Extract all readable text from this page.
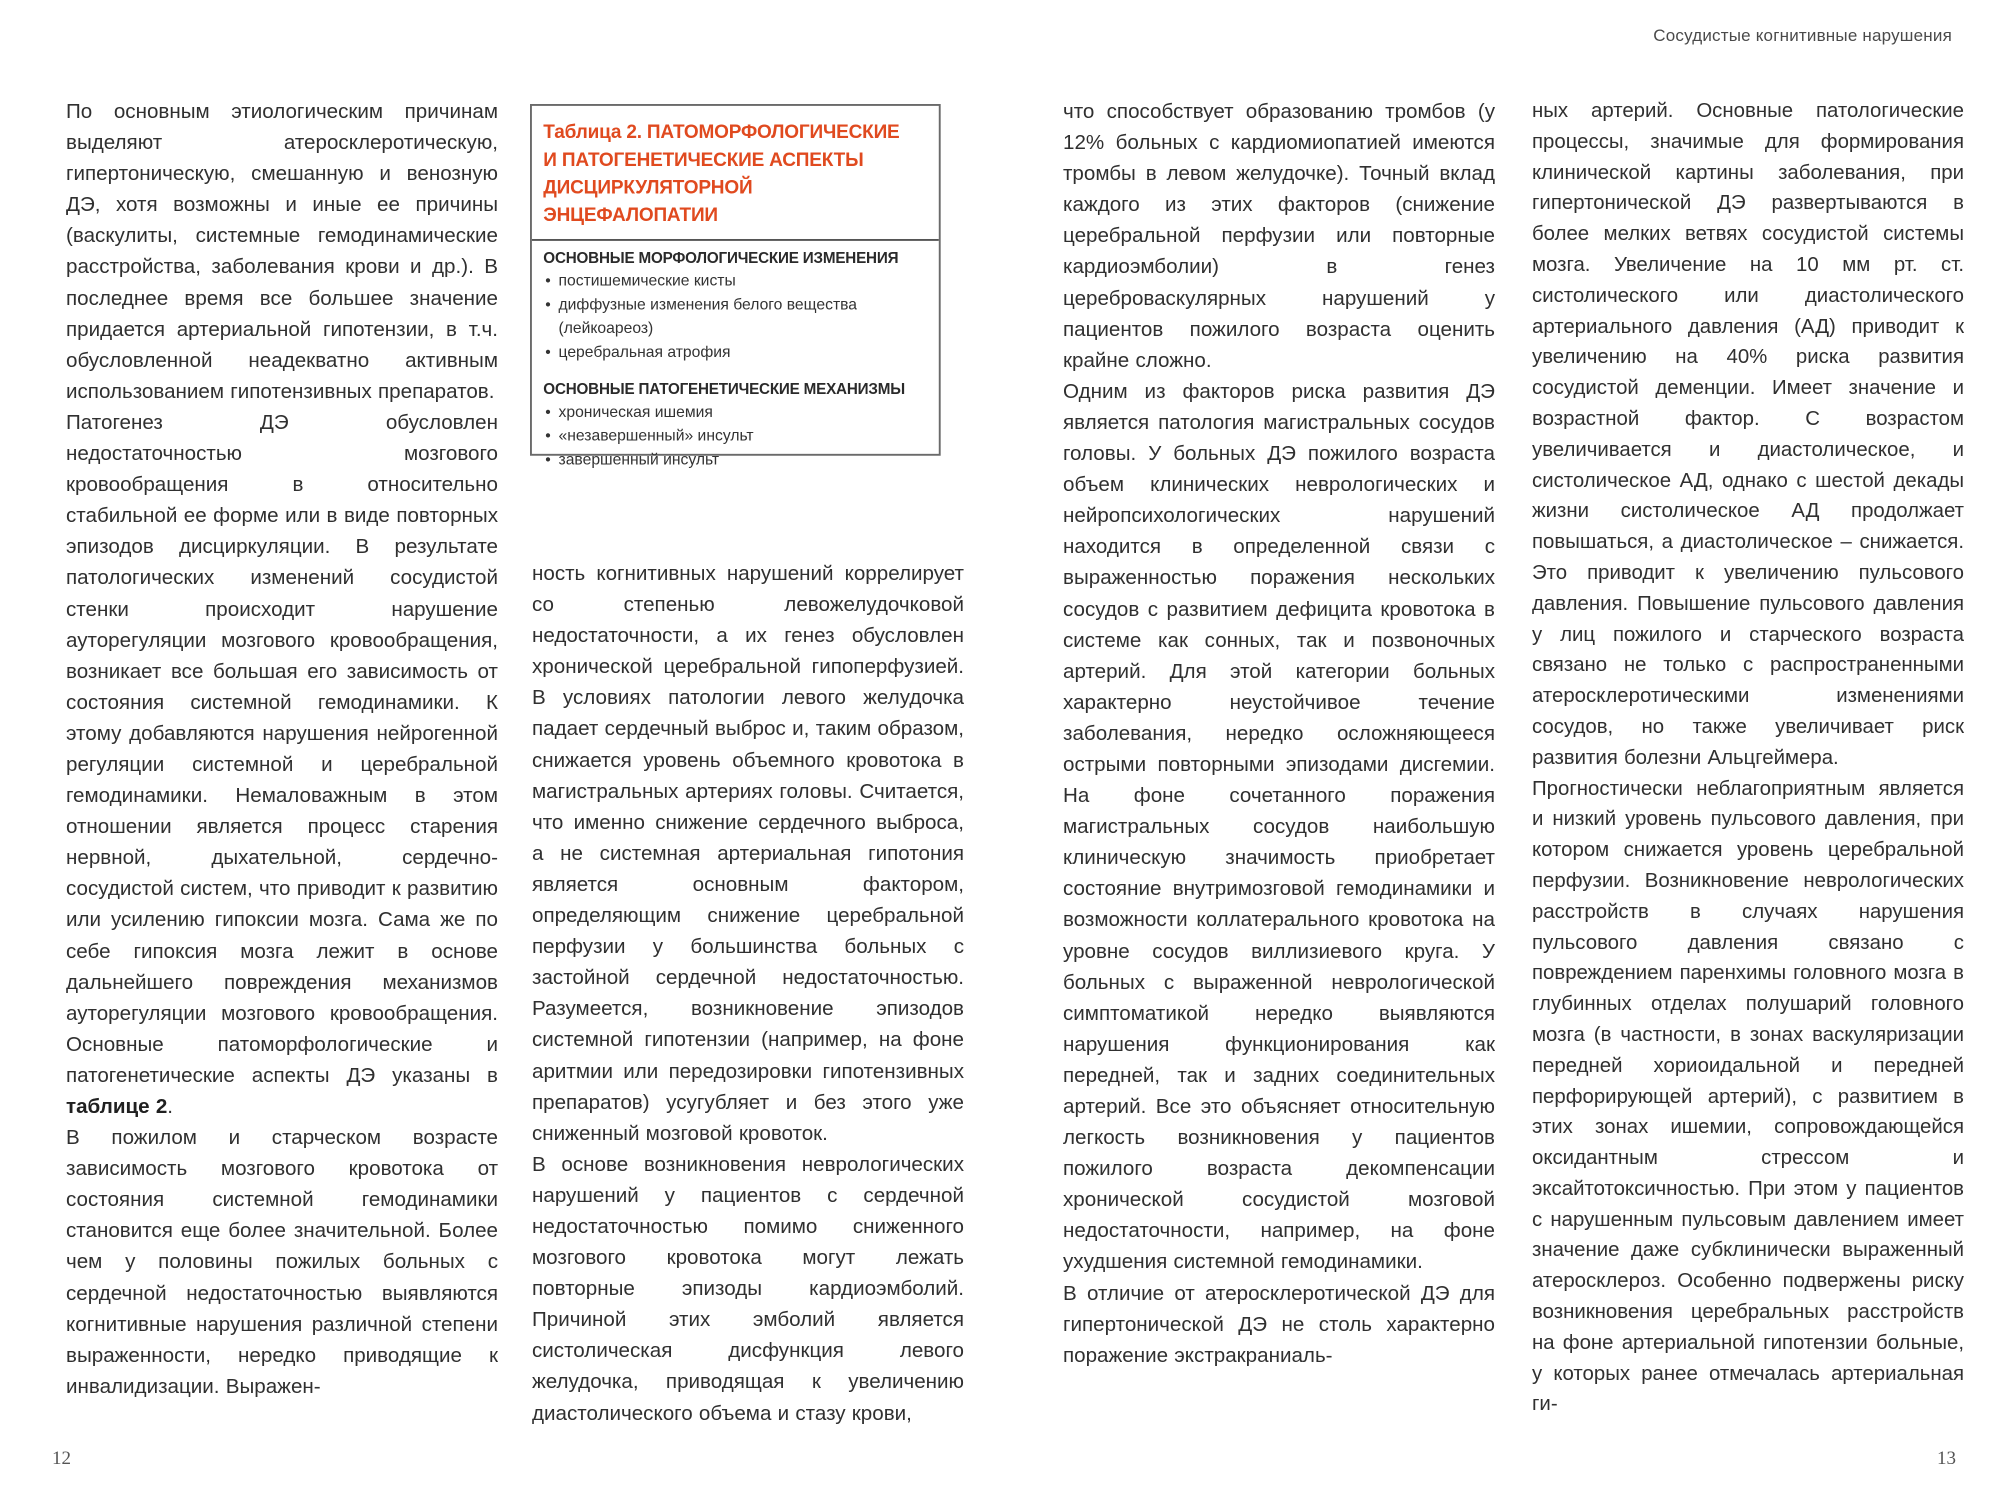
Сосудистые когнитивные нарушения

По основным этиологическим причинам выделяют атеросклеротическую, гипертоническую, смешанную и венозную ДЭ, хотя возможны и иные ее причины (васкулиты, системные гемодинамические расстройства, заболевания крови и др.). В последнее время все большее значение придается артериальной гипотензии, в т.ч. обусловленной неадекватно активным использованием гипотензивных препаратов.

Патогенез ДЭ обусловлен недостаточностью мозгового кровообращения в относительно стабильной ее форме или в виде повторных эпизодов дисциркуляции. В результате патологических изменений сосудистой стенки происходит нарушение ауторегуляции мозгового кровообращения, возникает все большая его зависимость от состояния системной гемодинамики. К этому добавляются нарушения нейрогенной регуляции системной и церебральной гемодинамики. Немаловажным в этом отношении является процесс старения нервной, дыхательной, сердечно-сосудистой систем, что приводит к развитию или усилению гипоксии мозга. Сама же по себе гипоксия мозга лежит в основе дальнейшего повреждения механизмов ауторегуляции мозгового кровообращения. Основные патоморфологические и патогенетические аспекты ДЭ указаны в таблице 2.

В пожилом и старческом возрасте зависимость мозгового кровотока от состояния системной гемодинамики становится еще более значительной. Более чем у половины пожилых больных с сердечной недостаточностью выявляются когнитивные нарушения различной степени выраженности, нередко приводящие к инвалидизации. Выражен-

Таблица 2. ПАТОМОРФОЛОГИЧЕСКИЕ
И ПАТОГЕНЕТИЧЕСКИЕ АСПЕКТЫ
ДИСЦИРКУЛЯТОРНОЙ ЭНЦЕФАЛОПАТИИ
ОСНОВНЫЕ МОРФОЛОГИЧЕСКИЕ ИЗМЕНЕНИЯ
• постишемические кисты
• диффузные изменения белого вещества (лейкоареоз)
• церебральная атрофия
ОСНОВНЫЕ ПАТОГЕНЕТИЧЕСКИЕ МЕХАНИЗМЫ
• хроническая ишемия
• «незавершенный» инсульт
• завершенный инсульт

ность когнитивных нарушений коррелирует со степенью левожелудочковой недостаточности, а их генез обусловлен хронической церебральной гипоперфузией. В условиях патологии левого желудочка падает сердечный выброс и, таким образом, снижается уровень объемного кровотока в магистральных артериях головы. Считается, что именно снижение сердечного выброса, а не системная артериальная гипотония является основным фактором, определяющим снижение церебральной перфузии у большинства больных с застойной сердечной недостаточностью. Разумеется, возникновение эпизодов системной гипотензии (например, на фоне аритмии или передозировки гипотензивных препаратов) усугубляет и без этого уже сниженный мозговой кровоток.

В основе возникновения неврологических нарушений у пациентов с сердечной недостаточностью помимо сниженного мозгового кровотока могут лежать повторные эпизоды кардиоэмболий. Причиной этих эмболий является систолическая дисфункция левого желудочка, приводящая к увеличению диастолического объема и стазу крови,

что способствует образованию тромбов (у 12% больных с кардиомиопатией имеются тромбы в левом желудочке). Точный вклад каждого из этих факторов (снижение церебральной перфузии или повторные кардиоэмболии) в генез цереброваскулярных нарушений у пациентов пожилого возраста оценить крайне сложно.

Одним из факторов риска развития ДЭ является патология магистральных сосудов головы. У больных ДЭ пожилого возраста объем клинических неврологических и нейропсихологических нарушений находится в определенной связи с выраженностью поражения нескольких сосудов с развитием дефицита кровотока в системе как сонных, так и позвоночных артерий. Для этой категории больных характерно неустойчивое течение заболевания, нередко осложняющееся острыми повторными эпизодами дисгемии. На фоне сочетанного поражения магистральных сосудов наибольшую клиническую значимость приобретает состояние внутримозговой гемодинамики и возможности коллатерального кровотока на уровне сосудов виллизиевого круга. У больных с выраженной неврологической симптоматикой нередко выявляются нарушения функционирования как передней, так и задних соединительных артерий. Все это объясняет относительную легкость возникновения у пациентов пожилого возраста декомпенсации хронической сосудистой мозговой недостаточности, например, на фоне ухудшения системной гемодинамики.

В отличие от атеросклеротической ДЭ для гипертонической ДЭ не столь характерно поражение экстракраниаль-

ных артерий. Основные патологические процессы, значимые для формирования клинической картины заболевания, при гипертонической ДЭ развертываются в более мелких ветвях сосудистой системы мозга. Увеличение на 10 мм рт. ст. систолического или диастолического артериального давления (АД) приводит к увеличению на 40% риска развития сосудистой деменции. Имеет значение и возрастной фактор. С возрастом увеличивается и диастолическое, и систолическое АД, однако с шестой декады жизни систолическое АД продолжает повышаться, а диастолическое – снижается. Это приводит к увеличению пульсового давления. Повышение пульсового давления у лиц пожилого и старческого возраста связано не только с распространенными атеросклеротическими изменениями сосудов, но также увеличивает риск развития болезни Альцгеймера.

Прогностически неблагоприятным является и низкий уровень пульсового давления, при котором снижается уровень церебральной перфузии. Возникновение неврологических расстройств в случаях нарушения пульсового давления связано с повреждением паренхимы головного мозга в глубинных отделах полушарий головного мозга (в частности, в зонах васкуляризации передней хориоидальной и передней перфорирующей артерий), с развитием в этих зонах ишемии, сопровождающейся оксидантным стрессом и эксайтотоксичностью. При этом у пациентов с нарушенным пульсовым давлением имеет значение даже субклинически выраженный атеросклероз. Особенно подвержены риску возникновения церебральных расстройств на фоне артериальной гипотензии больные, у которых ранее отмечалась артериальная ги-

12	13
